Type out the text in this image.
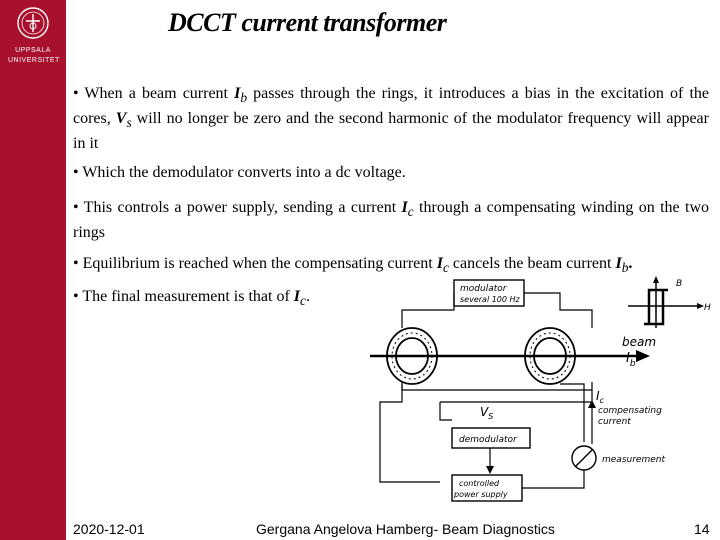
UPPSALA
UNIVERSITET
DCCT current transformer
• When a beam current $I_b$ passes through the rings, it introduces a bias in the excitation of the cores, $V_s$ will no longer be zero and the second harmonic of the modulator frequency will appear in it
• Which the demodulator converts into a dc voltage.
• This controls a power supply, sending a current $I_c$ through a compensating winding on the two rings
• Equilibrium is reached when the compensating current $I_c$ cancels the beam current $I_b$.
• The final measurement is that of $I_c$.
B
H
modulator
several 100 Hz
beam
$I_b$
$V_S$
demodulator
controlled
power supply
$I_c$
compensating
current
measurement
2020-12-01	Gergana Angelova Hamberg- Beam Diagnostics	14
